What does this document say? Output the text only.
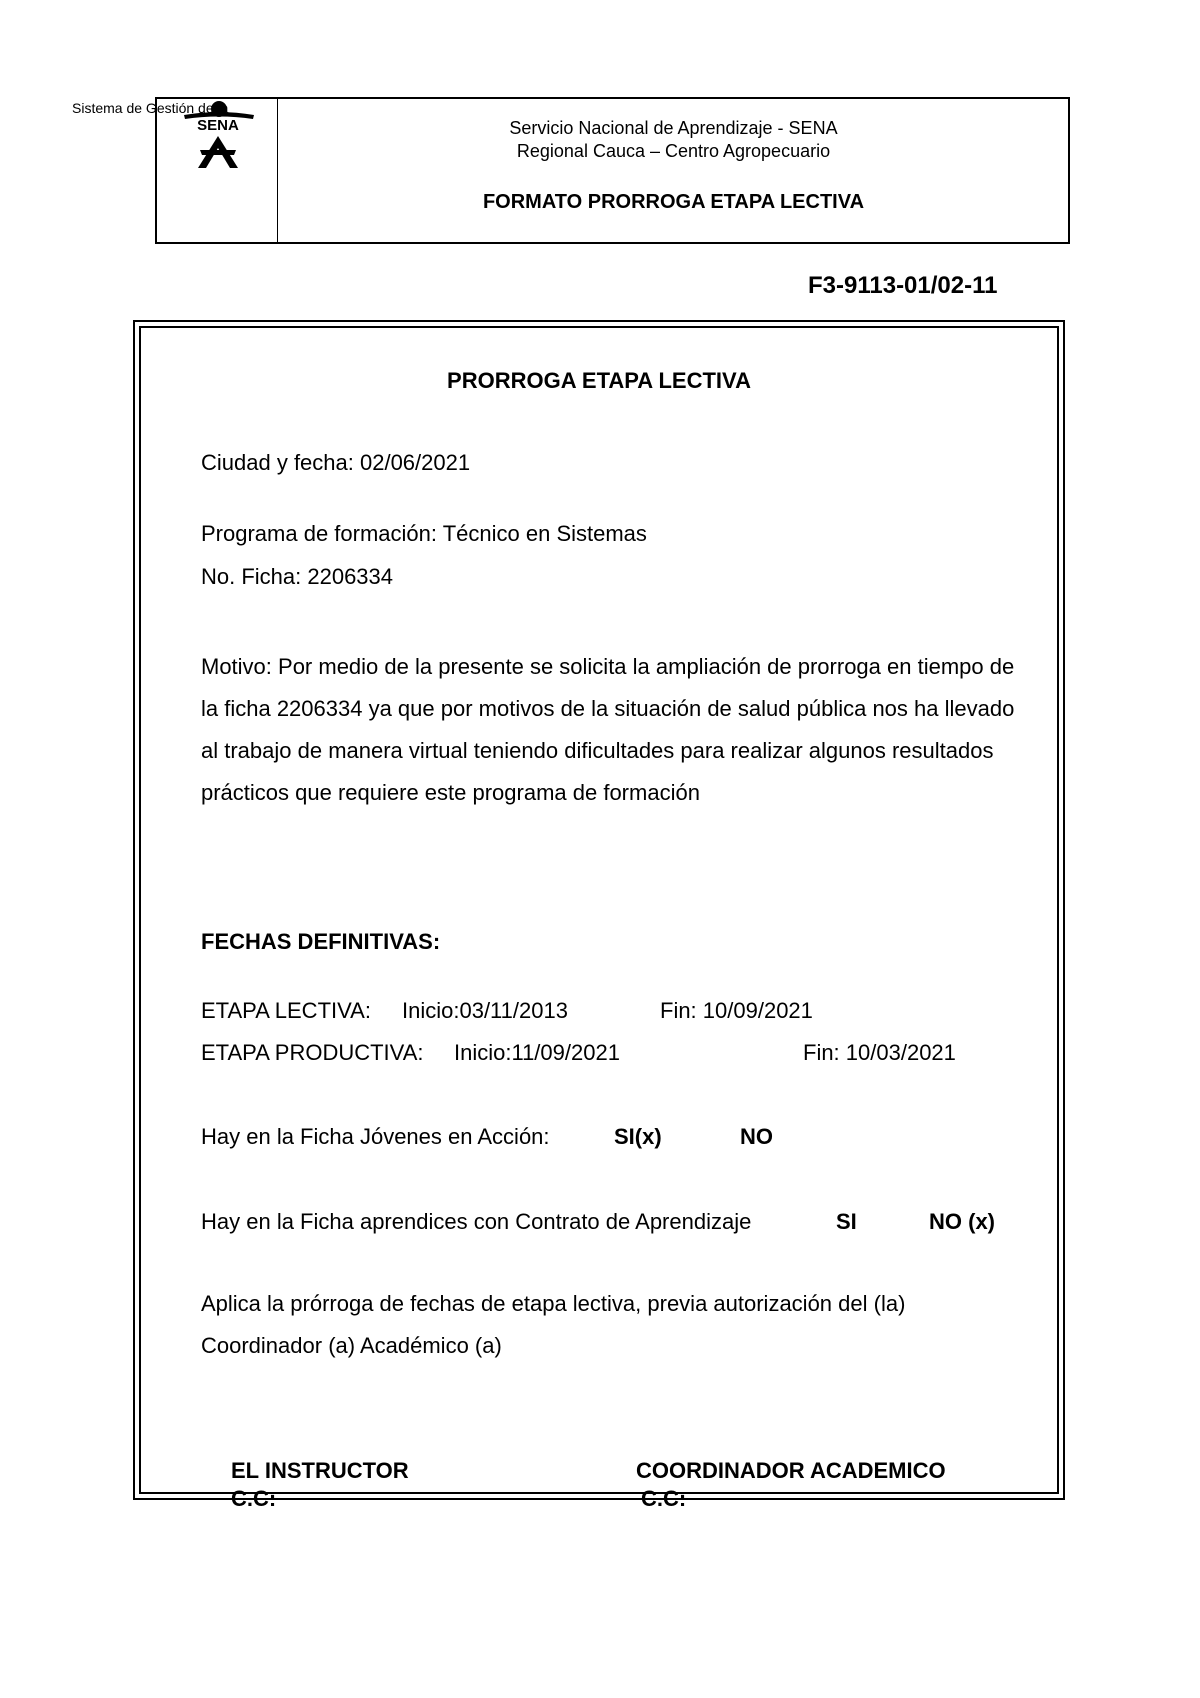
SENA
Sistema de Gestión de la
Servicio Nacional de Aprendizaje - SENA
Regional Cauca – Centro Agropecuario
FORMATO PRORROGA ETAPA LECTIVA
F3-9113-01/02-11
PRORROGA ETAPA LECTIVA
Ciudad y fecha: 02/06/2021
Programa de formación: Técnico en Sistemas
No. Ficha: 2206334
Motivo: Por medio de la presente se solicita la ampliación de prorroga en tiempo de la ficha 2206334 ya que por motivos de la situación de salud pública nos ha llevado al trabajo de manera virtual teniendo dificultades para realizar algunos resultados prácticos que requiere este programa de formación
FECHAS DEFINITIVAS:
ETAPA LECTIVA: Inicio:03/11/2013	Fin: 10/09/2021
ETAPA PRODUCTIVA: Inicio:11/09/2021	Fin: 10/03/2021
Hay en la Ficha Jóvenes en Acción:	SI(x)	NO
Hay en la Ficha aprendices con Contrato de Aprendizaje	SI	NO (x)
Aplica la prórroga de fechas de etapa lectiva, previa autorización del (la)
Coordinador (a) Académico (a)
EL INSTRUCTOR
C.C:
COORDINADOR ACADEMICO
C.C:
